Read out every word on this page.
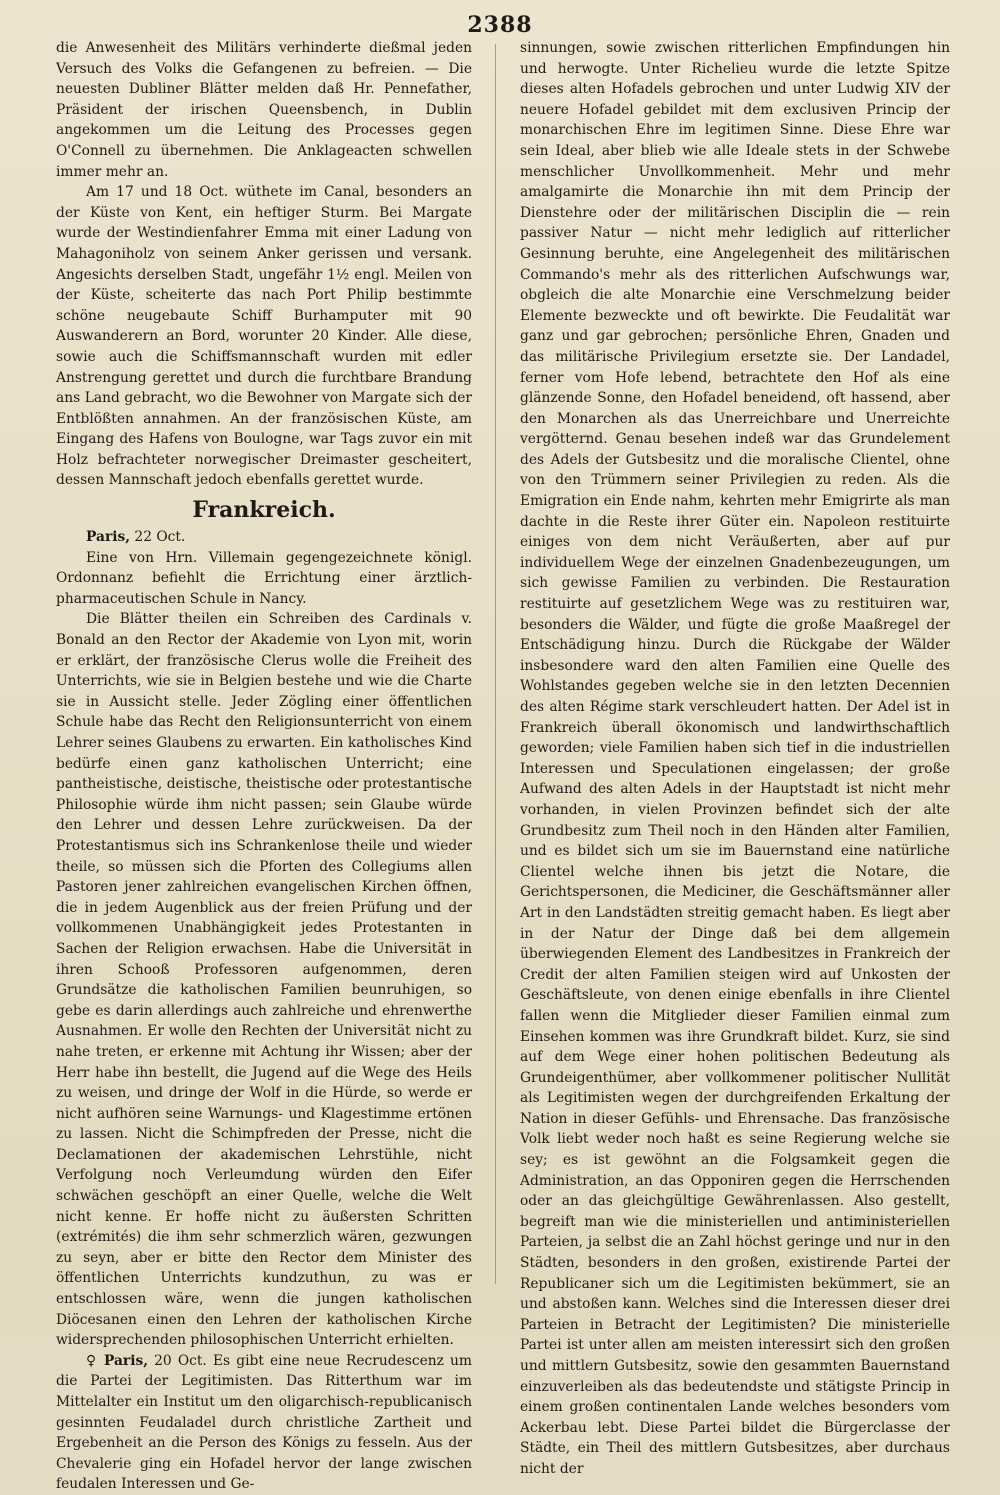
2388

die Anwesenheit des Militärs verhinderte dießmal jeden Versuch des Volks die Gefangenen zu befreien. — Die neuesten Dubliner Blätter melden daß Hr. Pennefather, Präsident der irischen Queensbench, in Dublin angekommen um die Leitung des Processes gegen O'Connell zu übernehmen. Die Anklageacten schwellen immer mehr an.

Am 17 und 18 Oct. wüthete im Canal, besonders an der Küste von Kent, ein heftiger Sturm. Bei Margate wurde der Westindienfahrer Emma mit einer Ladung von Mahagoniholz von seinem Anker gerissen und versank. Angesichts derselben Stadt, ungefähr 1½ engl. Meilen von der Küste, scheiterte das nach Port Philip bestimmte schöne neugebaute Schiff Burhamputer mit 90 Auswanderern an Bord, worunter 20 Kinder. Alle diese, sowie auch die Schiffsmannschaft wurden mit edler Anstrengung gerettet und durch die furchtbare Brandung ans Land gebracht, wo die Bewohner von Margate sich der Entblößten annahmen. An der französischen Küste, am Eingang des Hafens von Boulogne, war Tags zuvor ein mit Holz befrachteter norwegischer Dreimaster gescheitert, dessen Mannschaft jedoch ebenfalls gerettet wurde.

Frankreich.

Paris, 22 Oct.

Eine von Hrn. Villemain gegengezeichnete königl. Ordonnanz befiehlt die Errichtung einer ärztlich-pharmaceutischen Schule in Nancy.

Die Blätter theilen ein Schreiben des Cardinals v. Bonald an den Rector der Akademie von Lyon mit, worin er erklärt, der französische Clerus wolle die Freiheit des Unterrichts, wie sie in Belgien bestehe und wie die Charte sie in Aussicht stelle. Jeder Zögling einer öffentlichen Schule habe das Recht den Religionsunterricht von einem Lehrer seines Glaubens zu erwarten. Ein katholisches Kind bedürfe einen ganz katholischen Unterricht; eine pantheistische, deistische, theistische oder protestantische Philosophie würde ihm nicht passen; sein Glaube würde den Lehrer und dessen Lehre zurückweisen. Da der Protestantismus sich ins Schrankenlose theile und wieder theile, so müssen sich die Pforten des Collegiums allen Pastoren jener zahlreichen evangelischen Kirchen öffnen, die in jedem Augenblick aus der freien Prüfung und der vollkommenen Unabhängigkeit jedes Protestanten in Sachen der Religion erwachsen. Habe die Universität in ihren Schooß Professoren aufgenommen, deren Grundsätze die katholischen Familien beunruhigen, so gebe es darin allerdings auch zahlreiche und ehrenwerthe Ausnahmen. Er wolle den Rechten der Universität nicht zu nahe treten, er erkenne mit Achtung ihr Wissen; aber der Herr habe ihn bestellt, die Jugend auf die Wege des Heils zu weisen, und dringe der Wolf in die Hürde, so werde er nicht aufhören seine Warnungs- und Klagestimme ertönen zu lassen. Nicht die Schimpfreden der Presse, nicht die Declamationen der akademischen Lehrstühle, nicht Verfolgung noch Verleumdung würden den Eifer schwächen geschöpft an einer Quelle, welche die Welt nicht kenne. Er hoffe nicht zu äußersten Schritten (extrémités) die ihm sehr schmerzlich wären, gezwungen zu seyn, aber er bitte den Rector dem Minister des öffentlichen Unterrichts kundzuthun, zu was er entschlossen wäre, wenn die jungen katholischen Diöcesanen einen den Lehren der katholischen Kirche widersprechenden philosophischen Unterricht erhielten.

♀ Paris, 20 Oct. Es gibt eine neue Recrudescenz um die Partei der Legitimisten. Das Ritterthum war im Mittelalter ein Institut um den oligarchisch-republicanisch gesinnten Feudaladel durch christliche Zartheit und Ergebenheit an die Person des Königs zu fesseln. Aus der Chevalerie ging ein Hofadel hervor der lange zwischen feudalen Interessen und Ge-

sinnungen, sowie zwischen ritterlichen Empfindungen hin und herwogte. Unter Richelieu wurde die letzte Spitze dieses alten Hofadels gebrochen und unter Ludwig XIV der neuere Hofadel gebildet mit dem exclusiven Princip der monarchischen Ehre im legitimen Sinne. Diese Ehre war sein Ideal, aber blieb wie alle Ideale stets in der Schwebe menschlicher Unvollkommenheit. Mehr und mehr amalgamirte die Monarchie ihn mit dem Princip der Dienstehre oder der militärischen Disciplin die — rein passiver Natur — nicht mehr lediglich auf ritterlicher Gesinnung beruhte, eine Angelegenheit des militärischen Commando's mehr als des ritterlichen Aufschwungs war, obgleich die alte Monarchie eine Verschmelzung beider Elemente bezweckte und oft bewirkte. Die Feudalität war ganz und gar gebrochen; persönliche Ehren, Gnaden und das militärische Privilegium ersetzte sie. Der Landadel, ferner vom Hofe lebend, betrachtete den Hof als eine glänzende Sonne, den Hofadel beneidend, oft hassend, aber den Monarchen als das Unerreichbare und Unerreichte vergötternd. Genau besehen indeß war das Grundelement des Adels der Gutsbesitz und die moralische Clientel, ohne von den Trümmern seiner Privilegien zu reden. Als die Emigration ein Ende nahm, kehrten mehr Emigrirte als man dachte in die Reste ihrer Güter ein. Napoleon restituirte einiges von dem nicht Veräußerten, aber auf pur individuellem Wege der einzelnen Gnadenbezeugungen, um sich gewisse Familien zu verbinden. Die Restauration restituirte auf gesetzlichem Wege was zu restituiren war, besonders die Wälder, und fügte die große Maaßregel der Entschädigung hinzu. Durch die Rückgabe der Wälder insbesondere ward den alten Familien eine Quelle des Wohlstandes gegeben welche sie in den letzten Decennien des alten Régime stark verschleudert hatten. Der Adel ist in Frankreich überall ökonomisch und landwirthschaftlich geworden; viele Familien haben sich tief in die industriellen Interessen und Speculationen eingelassen; der große Aufwand des alten Adels in der Hauptstadt ist nicht mehr vorhanden, in vielen Provinzen befindet sich der alte Grundbesitz zum Theil noch in den Händen alter Familien, und es bildet sich um sie im Bauernstand eine natürliche Clientel welche ihnen bis jetzt die Notare, die Gerichtspersonen, die Mediciner, die Geschäftsmänner aller Art in den Landstädten streitig gemacht haben. Es liegt aber in der Natur der Dinge daß bei dem allgemein überwiegenden Element des Landbesitzes in Frankreich der Credit der alten Familien steigen wird auf Unkosten der Geschäftsleute, von denen einige ebenfalls in ihre Clientel fallen wenn die Mitglieder dieser Familien einmal zum Einsehen kommen was ihre Grundkraft bildet. Kurz, sie sind auf dem Wege einer hohen politischen Bedeutung als Grundeigenthümer, aber vollkommener politischer Nullität als Legitimisten wegen der durchgreifenden Erkaltung der Nation in dieser Gefühls- und Ehrensache. Das französische Volk liebt weder noch haßt es seine Regierung welche sie sey; es ist gewöhnt an die Folgsamkeit gegen die Administration, an das Opponiren gegen die Herrschenden oder an das gleichgültige Gewährenlassen. Also gestellt, begreift man wie die ministeriellen und antiministeriellen Parteien, ja selbst die an Zahl höchst geringe und nur in den Städten, besonders in den großen, existirende Partei der Republicaner sich um die Legitimisten bekümmert, sie an und abstoßen kann. Welches sind die Interessen dieser drei Parteien in Betracht der Legitimisten? Die ministerielle Partei ist unter allen am meisten interessirt sich den großen und mittlern Gutsbesitz, sowie den gesammten Bauernstand einzuverleiben als das bedeutendste und stätigste Princip in einem großen continentalen Lande welches besonders vom Ackerbau lebt. Diese Partei bildet die Bürgerclasse der Städte, ein Theil des mittlern Gutsbesitzes, aber durchaus nicht der
